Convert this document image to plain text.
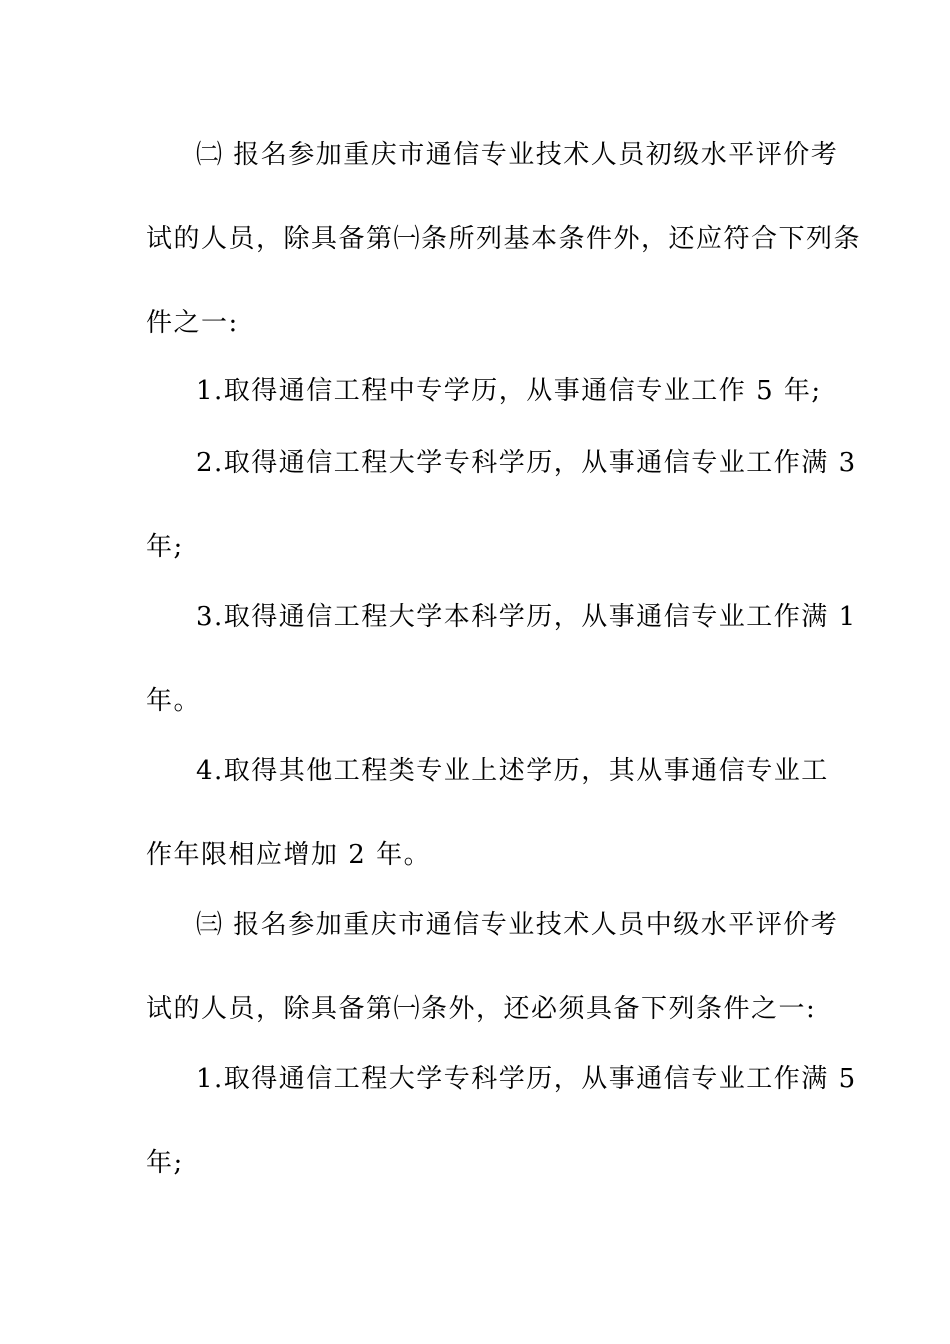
㈡ 报名参加重庆市通信专业技术人员初级水平评价考
试的人员，除具备第㈠条所列基本条件外，还应符合下列条
件之一:
1.取得通信工程中专学历，从事通信专业工作 5 年;
2.取得通信工程大学专科学历，从事通信专业工作满 3
年;
3.取得通信工程大学本科学历，从事通信专业工作满 1
年。
4.取得其他工程类专业上述学历，其从事通信专业工
作年限相应增加 2 年。
㈢ 报名参加重庆市通信专业技术人员中级水平评价考
试的人员，除具备第㈠条外，还必须具备下列条件之一:
1.取得通信工程大学专科学历，从事通信专业工作满 5
年;
